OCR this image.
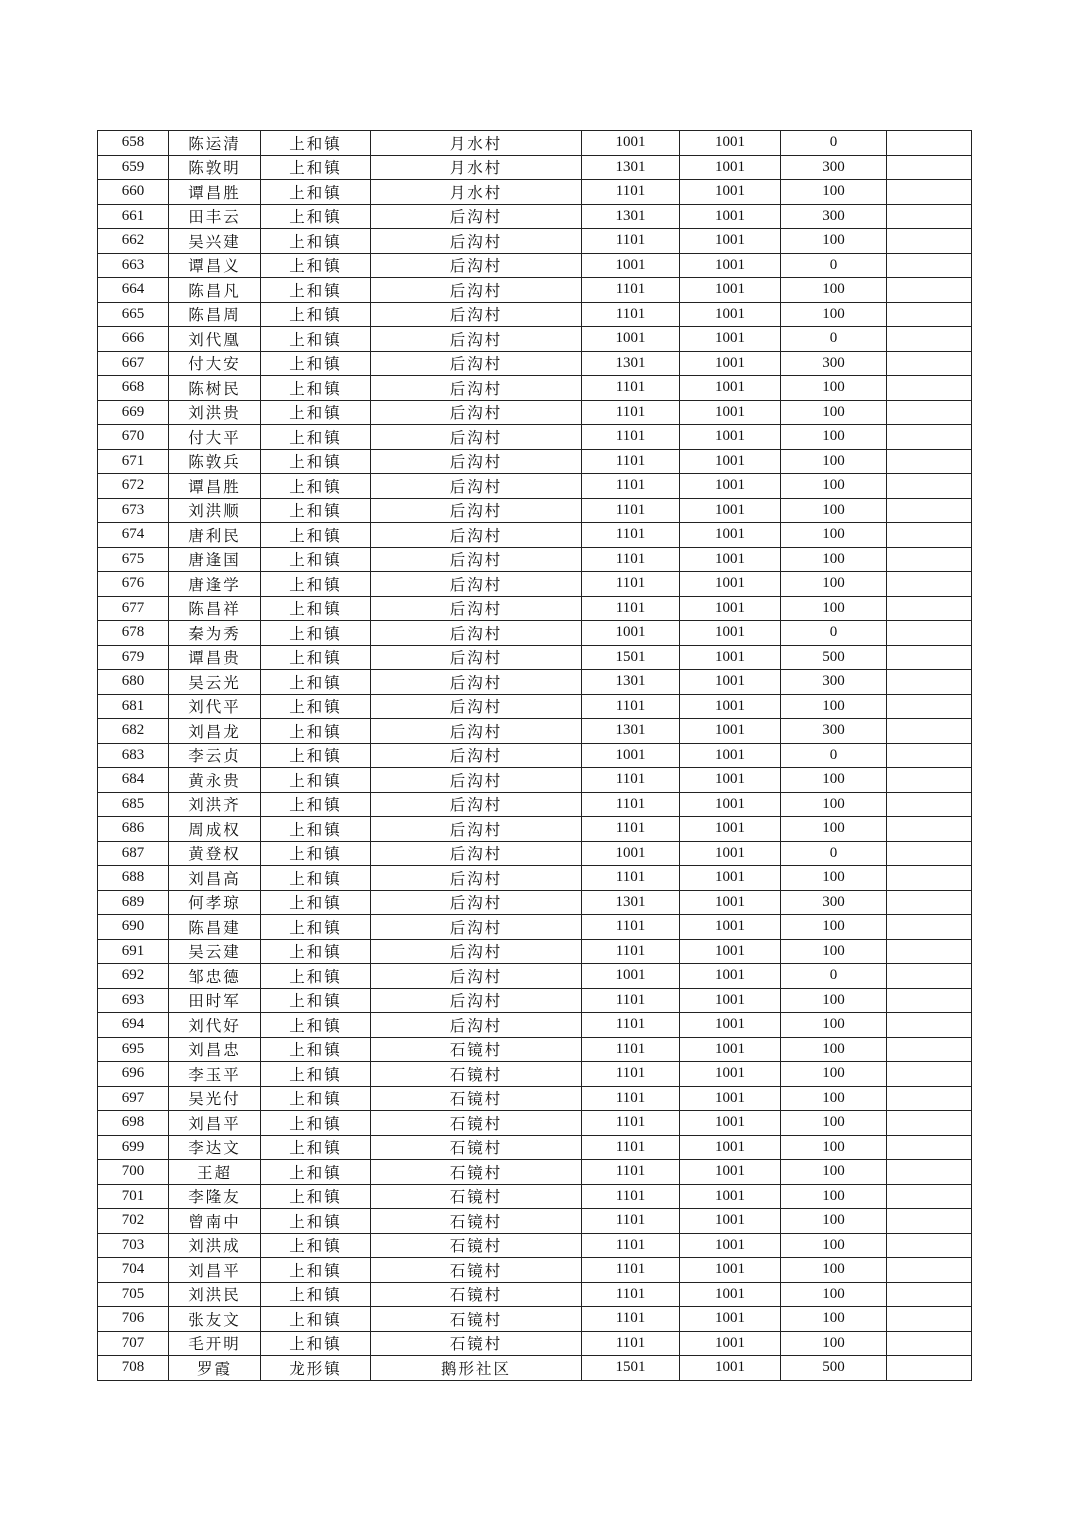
658	陈运清	上和镇	月水村	1001	1001	0	
659	陈敦明	上和镇	月水村	1301	1001	300	
660	谭昌胜	上和镇	月水村	1101	1001	100	
661	田丰云	上和镇	后沟村	1301	1001	300	
662	吴兴建	上和镇	后沟村	1101	1001	100	
663	谭昌义	上和镇	后沟村	1001	1001	0	
664	陈昌凡	上和镇	后沟村	1101	1001	100	
665	陈昌周	上和镇	后沟村	1101	1001	100	
666	刘代凰	上和镇	后沟村	1001	1001	0	
667	付大安	上和镇	后沟村	1301	1001	300	
668	陈树民	上和镇	后沟村	1101	1001	100	
669	刘洪贵	上和镇	后沟村	1101	1001	100	
670	付大平	上和镇	后沟村	1101	1001	100	
671	陈敦兵	上和镇	后沟村	1101	1001	100	
672	谭昌胜	上和镇	后沟村	1101	1001	100	
673	刘洪顺	上和镇	后沟村	1101	1001	100	
674	唐利民	上和镇	后沟村	1101	1001	100	
675	唐逢国	上和镇	后沟村	1101	1001	100	
676	唐逢学	上和镇	后沟村	1101	1001	100	
677	陈昌祥	上和镇	后沟村	1101	1001	100	
678	秦为秀	上和镇	后沟村	1001	1001	0	
679	谭昌贵	上和镇	后沟村	1501	1001	500	
680	吴云光	上和镇	后沟村	1301	1001	300	
681	刘代平	上和镇	后沟村	1101	1001	100	
682	刘昌龙	上和镇	后沟村	1301	1001	300	
683	李云贞	上和镇	后沟村	1001	1001	0	
684	黄永贵	上和镇	后沟村	1101	1001	100	
685	刘洪齐	上和镇	后沟村	1101	1001	100	
686	周成权	上和镇	后沟村	1101	1001	100	
687	黄登权	上和镇	后沟村	1001	1001	0	
688	刘昌高	上和镇	后沟村	1101	1001	100	
689	何孝琼	上和镇	后沟村	1301	1001	300	
690	陈昌建	上和镇	后沟村	1101	1001	100	
691	吴云建	上和镇	后沟村	1101	1001	100	
692	邹忠德	上和镇	后沟村	1001	1001	0	
693	田时军	上和镇	后沟村	1101	1001	100	
694	刘代好	上和镇	后沟村	1101	1001	100	
695	刘昌忠	上和镇	石镜村	1101	1001	100	
696	李玉平	上和镇	石镜村	1101	1001	100	
697	吴光付	上和镇	石镜村	1101	1001	100	
698	刘昌平	上和镇	石镜村	1101	1001	100	
699	李达文	上和镇	石镜村	1101	1001	100	
700	王超	上和镇	石镜村	1101	1001	100	
701	李隆友	上和镇	石镜村	1101	1001	100	
702	曾南中	上和镇	石镜村	1101	1001	100	
703	刘洪成	上和镇	石镜村	1101	1001	100	
704	刘昌平	上和镇	石镜村	1101	1001	100	
705	刘洪民	上和镇	石镜村	1101	1001	100	
706	张友文	上和镇	石镜村	1101	1001	100	
707	毛开明	上和镇	石镜村	1101	1001	100	
708	罗霞	龙形镇	鹅形社区	1501	1001	500	
